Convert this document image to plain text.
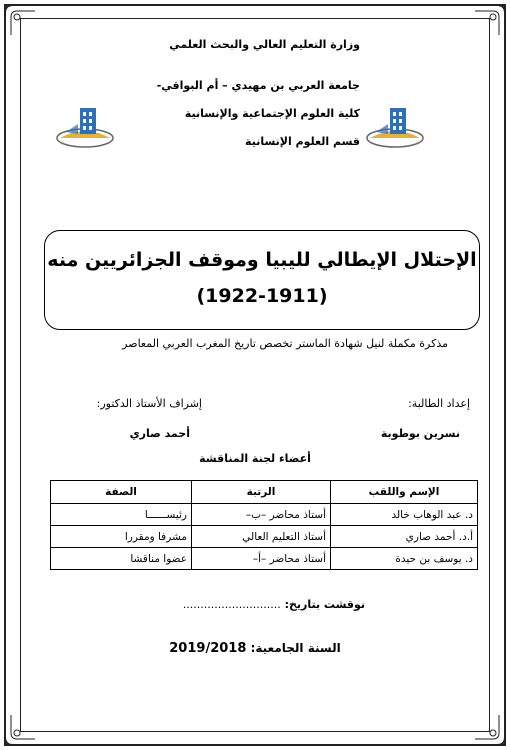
وزارة التعليم العالي والبحث العلمي
جامعة العربي بن مهيدي – أم البواقي-
كلية العلوم الإجتماعية والإنسانية
قسم العلوم الإنسانية
الإحتلال الإيطالي لليبيا وموقف الجزائريين منه
(1922-1911)
مذكرة مكملة لنيل شهادة الماستر تخصص تاريخ المغرب العربي المعاصر
إعداد الطالبة:
نسرين بوطوبة
إشراف الأستاذ الدكتور:
أحمد صاري
أعضاء لجنة المناقشة
الإسم واللقب	الرتبة	الصفة
د. عبد الوهاب خالد	أستاذ محاضر –ب–	رئيســــــا
أ.د. أحمد صاري	أستاذ التعليم العالي	مشرفا ومقررا
د. يوسف بن حيدة	أستاذ محاضر –أ–	عضوا مناقشا
نوقشت بتاريخ: ............................
السنة الجامعية: 2019/2018
